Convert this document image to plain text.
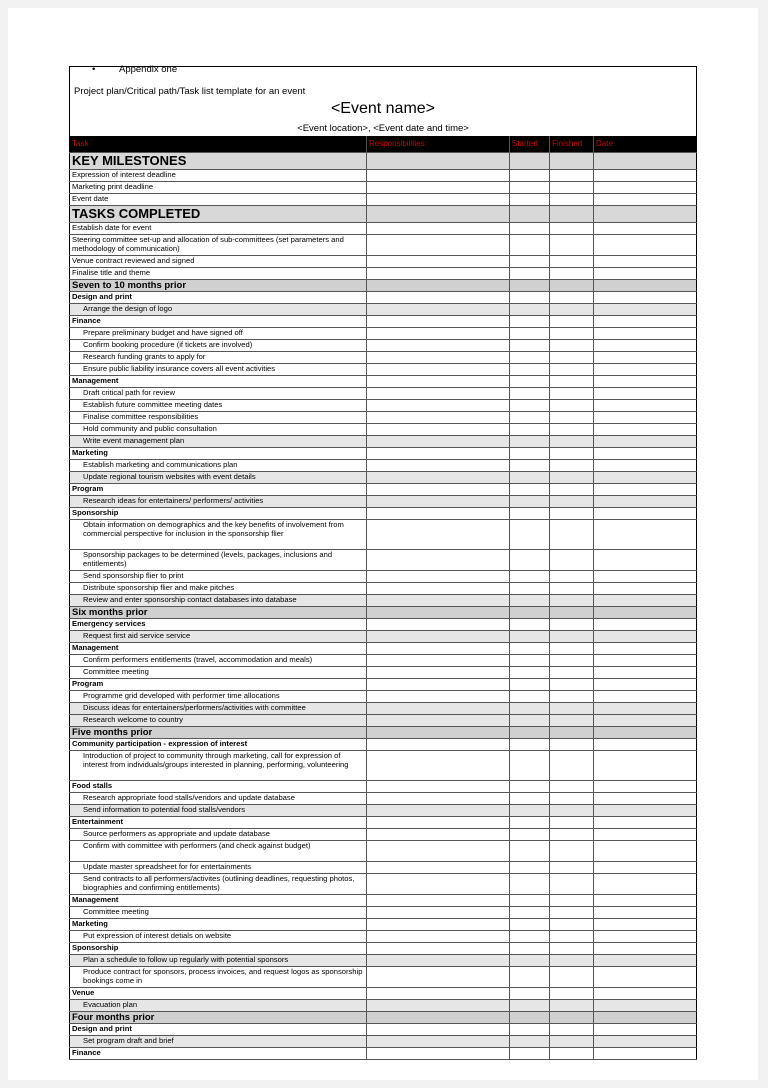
• Appendix one
Project plan/Critical path/Task list template for an event
<Event name>
<Event location>, <Event date and time>
Task	Responsibilities:	Started	Finished	Date
KEY MILESTONES				
Expression of interest deadline				
Marketing print deadline				
Event date				
TASKS COMPLETED				
Establish date for event				
Steering committee set-up and allocation of sub-committees (set parameters and methodology of communication)				
Venue contract reviewed and signed				
Finalise title and theme				
Seven to 10 months prior				
Design and print				
Arrange the design of logo				
Finance				
Prepare preliminary budget and have signed off				
Confirm booking procedure (if tickets are involved)				
Research funding grants to apply for				
Ensure public liability insurance covers all event activities				
Management				
Draft critical path for review				
Establish future committee meeting dates				
Finalise committee responsibilities				
Hold community and public consultation				
Write event management plan				
Marketing				
Establish marketing and communications plan				
Update regional tourism websites with event details				
Program				
Research ideas for entertainers/ performers/ activities				
Sponsorship				
Obtain information on demographics and the key benefits of involvement from commercial perspective for inclusion in the sponsorship flier				
Sponsorship packages to be determined (levels, packages, inclusions and entitlements)				
Send sponsorship flier to print				
Distribute sponsorship flier and make pitches				
Review and enter sponsorship contact databases into database				
Six months prior				
Emergency services				
Request first aid service service				
Management				
Confirm performers entitlements (travel, accommodation and meals)				
Committee meeting				
Program				
Programme grid developed with performer time allocations				
Discuss ideas for entertainers/performers/activities with committee				
Research welcome to country				
Five months prior				
Community participation - expression of interest				
Introduction of project to community through marketing, call for expression of interest from individuals/groups interested in planning, performing, volunteering				
Food stalls				
Research appropriate food stalls/vendors and update database				
Send information to potential food stalls/vendors				
Entertainment				
Source performers as appropriate and update database				
Confirm with committee with performers (and check against budget)				
Update master spreadsheet for for entertainments				
Send contracts to all performers/activites (outlining deadlines, requesting photos, biographies and confirming entitlements)				
Management				
Committee meeting				
Marketing				
Put expression of interest detials on website				
Sponsorship				
Plan a schedule to follow up regularly with potential sponsors				
Produce contract for sponsors, process invoices, and request logos as sponsorship bookings come in				
Venue				
Evacuation plan				
Four months prior				
Design and print				
Set program draft and brief				
Finance				
